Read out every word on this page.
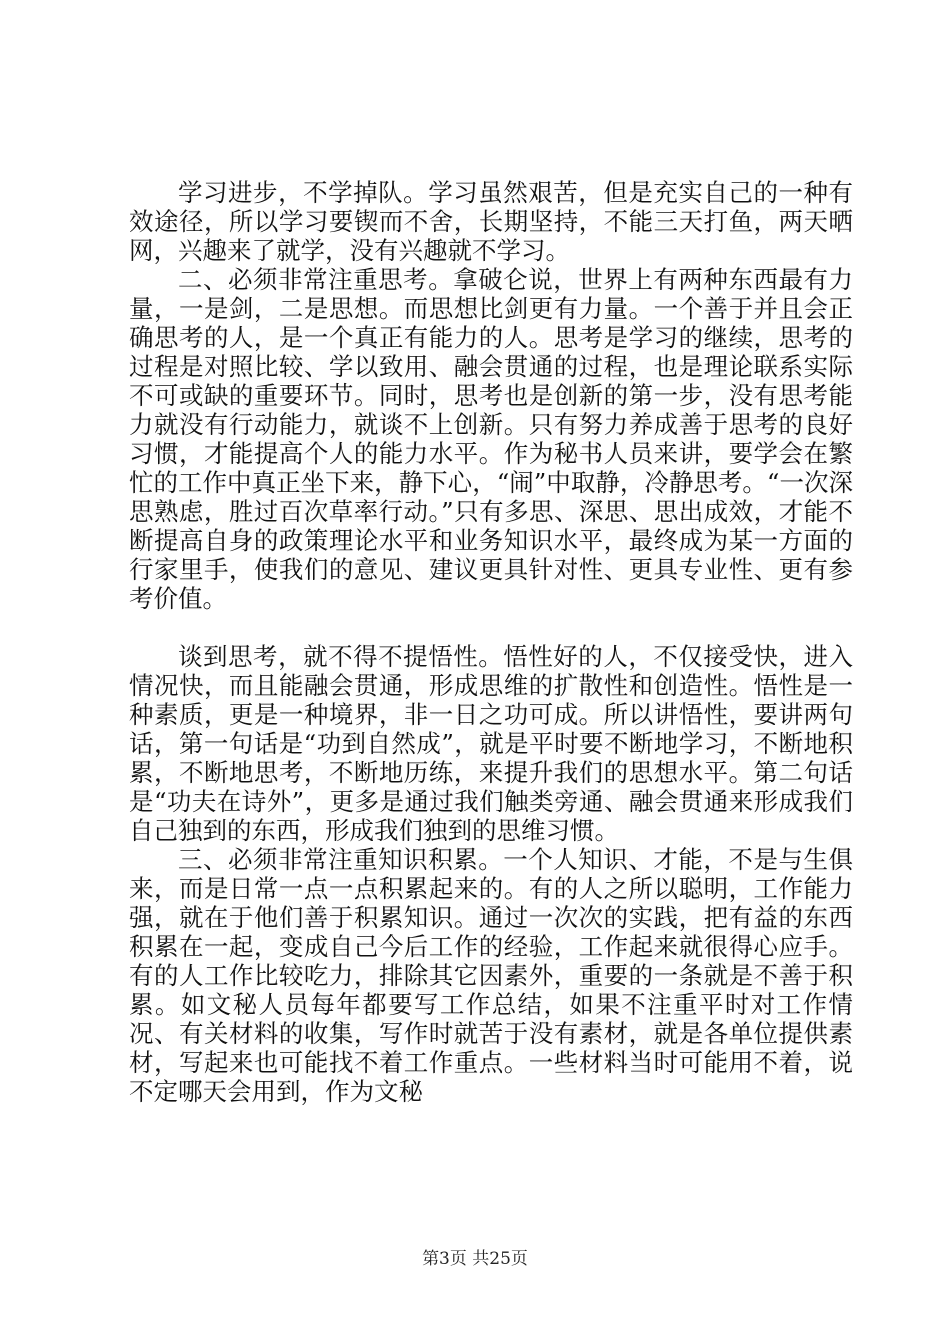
学习进步，不学掉队。学习虽然艰苦，但是充实自己的一种有效途径，所以学习要锲而不舍，长期坚持，不能三天打鱼，两天晒网，兴趣来了就学，没有兴趣就不学习。

二、必须非常注重思考。拿破仑说，世界上有两种东西最有力量，一是剑，二是思想。而思想比剑更有力量。一个善于并且会正确思考的人，是一个真正有能力的人。思考是学习的继续，思考的过程是对照比较、学以致用、融会贯通的过程，也是理论联系实际不可或缺的重要环节。同时，思考也是创新的第一步，没有思考能力就没有行动能力，就谈不上创新。只有努力养成善于思考的良好习惯，才能提高个人的能力水平。作为秘书人员来讲，要学会在繁忙的工作中真正坐下来，静下心，“闹”中取静，冷静思考。“一次深思熟虑，胜过百次草率行动。”只有多思、深思、思出成效，才能不断提高自身的政策理论水平和业务知识水平，最终成为某一方面的行家里手，使我们的意见、建议更具针对性、更具专业性、更有参考价值。

谈到思考，就不得不提悟性。悟性好的人，不仅接受快，进入情况快，而且能融会贯通，形成思维的扩散性和创造性。悟性是一种素质，更是一种境界，非一日之功可成。所以讲悟性，要讲两句话，第一句话是“功到自然成”，就是平时要不断地学习，不断地积累，不断地思考，不断地历练，来提升我们的思想水平。第二句话是“功夫在诗外”，更多是通过我们触类旁通、融会贯通来形成我们自己独到的东西，形成我们独到的思维习惯。

三、必须非常注重知识积累。一个人知识、才能，不是与生俱来，而是日常一点一点积累起来的。有的人之所以聪明，工作能力强，就在于他们善于积累知识。通过一次次的实践，把有益的东西积累在一起，变成自己今后工作的经验，工作起来就很得心应手。有的人工作比较吃力，排除其它因素外，重要的一条就是不善于积累。如文秘人员每年都要写工作总结，如果不注重平时对工作情况、有关材料的收集，写作时就苦于没有素材，就是各单位提供素材，写起来也可能找不着工作重点。一些材料当时可能用不着，说不定哪天会用到，作为文秘

第3页 共25页
